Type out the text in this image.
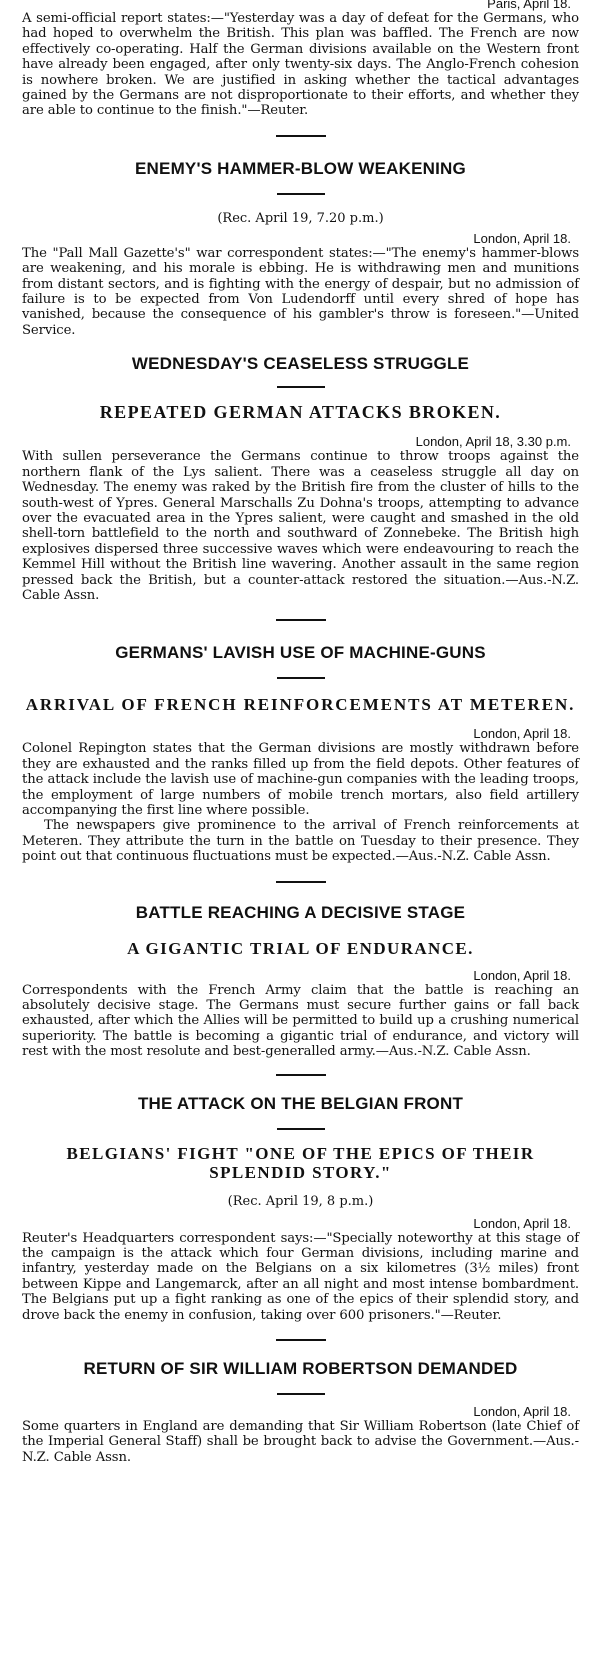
Paris, April 18.

A semi-official report states:—"Yesterday was a day of defeat for the Germans, who had hoped to overwhelm the British. This plan was baffled. The French are now effectively co-operating. Half the German divisions available on the Western front have already been engaged, after only twenty-six days. The Anglo-French cohesion is nowhere broken. We are justified in asking whether the tactical advantages gained by the Germans are not disproportionate to their efforts, and whether they are able to continue to the finish."—Reuter.

ENEMY'S HAMMER-BLOW WEAKENING

(Rec. April 19, 7.20 p.m.)

London, April 18.

The "Pall Mall Gazette's" war correspondent states:—"The enemy's hammer-blows are weakening, and his morale is ebbing. He is withdrawing men and munitions from distant sectors, and is fighting with the energy of despair, but no admission of failure is to be expected from Von Ludendorff until every shred of hope has vanished, because the consequence of his gambler's throw is foreseen."—United Service.

WEDNESDAY'S CEASELESS STRUGGLE
REPEATED GERMAN ATTACKS BROKEN.
London, April 18, 3.30 p.m.

With sullen perseverance the Germans continue to throw troops against the northern flank of the Lys salient. There was a ceaseless struggle all day on Wednesday. The enemy was raked by the British fire from the cluster of hills to the south-west of Ypres. General Marschalls Zu Dohna's troops, attempting to advance over the evacuated area in the Ypres salient, were caught and smashed in the old shell-torn battlefield to the north and southward of Zonnebeke. The British high explosives dispersed three successive waves which were endeavouring to reach the Kemmel Hill without the British line wavering. Another assault in the same region pressed back the British, but a counter-attack restored the situation.—Aus.-N.Z. Cable Assn.

GERMANS' LAVISH USE OF MACHINE-GUNS
ARRIVAL OF FRENCH REINFORCEMENTS AT METEREN.
London, April 18.

Colonel Repington states that the German divisions are mostly withdrawn before they are exhausted and the ranks filled up from the field depots. Other features of the attack include the lavish use of machine-gun companies with the leading troops, the employment of large numbers of mobile trench mortars, also field artillery accompanying the first line where possible.

The newspapers give prominence to the arrival of French reinforcements at Meteren. They attribute the turn in the battle on Tuesday to their presence. They point out that continuous fluctuations must be expected.—Aus.-N.Z. Cable Assn.

BATTLE REACHING A DECISIVE STAGE
A GIGANTIC TRIAL OF ENDURANCE.
London, April 18.

Correspondents with the French Army claim that the battle is reaching an absolutely decisive stage. The Germans must secure further gains or fall back exhausted, after which the Allies will be permitted to build up a crushing numerical superiority. The battle is becoming a gigantic trial of endurance, and victory will rest with the most resolute and best-generalled army.—Aus.-N.Z. Cable Assn.

THE ATTACK ON THE BELGIAN FRONT
BELGIANS' FIGHT "ONE OF THE EPICS OF THEIR SPLENDID STORY."

(Rec. April 19, 8 p.m.)

London, April 18.

Reuter's Headquarters correspondent says:—"Specially noteworthy at this stage of the campaign is the attack which four German divisions, including marine and infantry, yesterday made on the Belgians on a six kilometres (3½ miles) front between Kippe and Langemarck, after an all night and most intense bombardment. The Belgians put up a fight ranking as one of the epics of their splendid story, and drove back the enemy in confusion, taking over 600 prisoners."—Reuter.

RETURN OF SIR WILLIAM ROBERTSON DEMANDED
London, April 18.

Some quarters in England are demanding that Sir William Robertson (late Chief of the Imperial General Staff) shall be brought back to advise the Government.—Aus.-N.Z. Cable Assn.
